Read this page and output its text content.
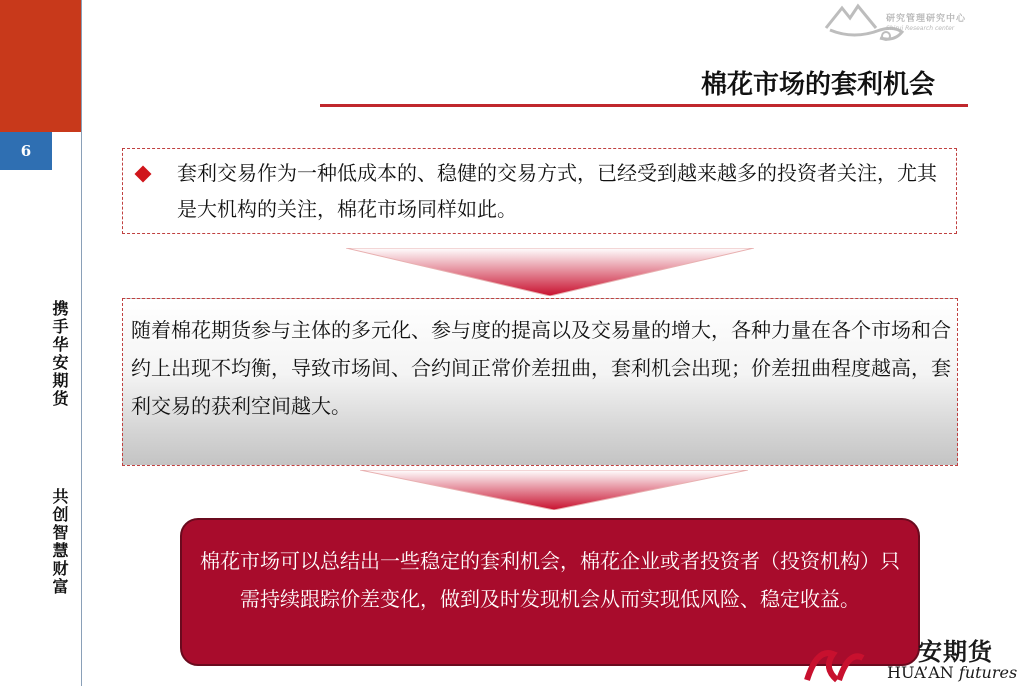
6
携手华安期货
共创智慧财富
研究管理研究中心
Shirui Research center
棉花市场的套利机会
套利交易作为一种低成本的、稳健的交易方式，已经受到越来越多的投资者关注，尤其是大机构的关注，棉花市场同样如此。
随着棉花期货参与主体的多元化、参与度的提高以及交易量的增大，各种力量在各个市场和合约上出现不均衡，导致市场间、合约间正常价差扭曲，套利机会出现；价差扭曲程度越高，套利交易的获利空间越大。
棉花市场可以总结出一些稳定的套利机会，棉花企业或者投资者（投资机构）只需持续跟踪价差变化，做到及时发现机会从而实现低风险、稳定收益。
安期货
HUA’AN futures
